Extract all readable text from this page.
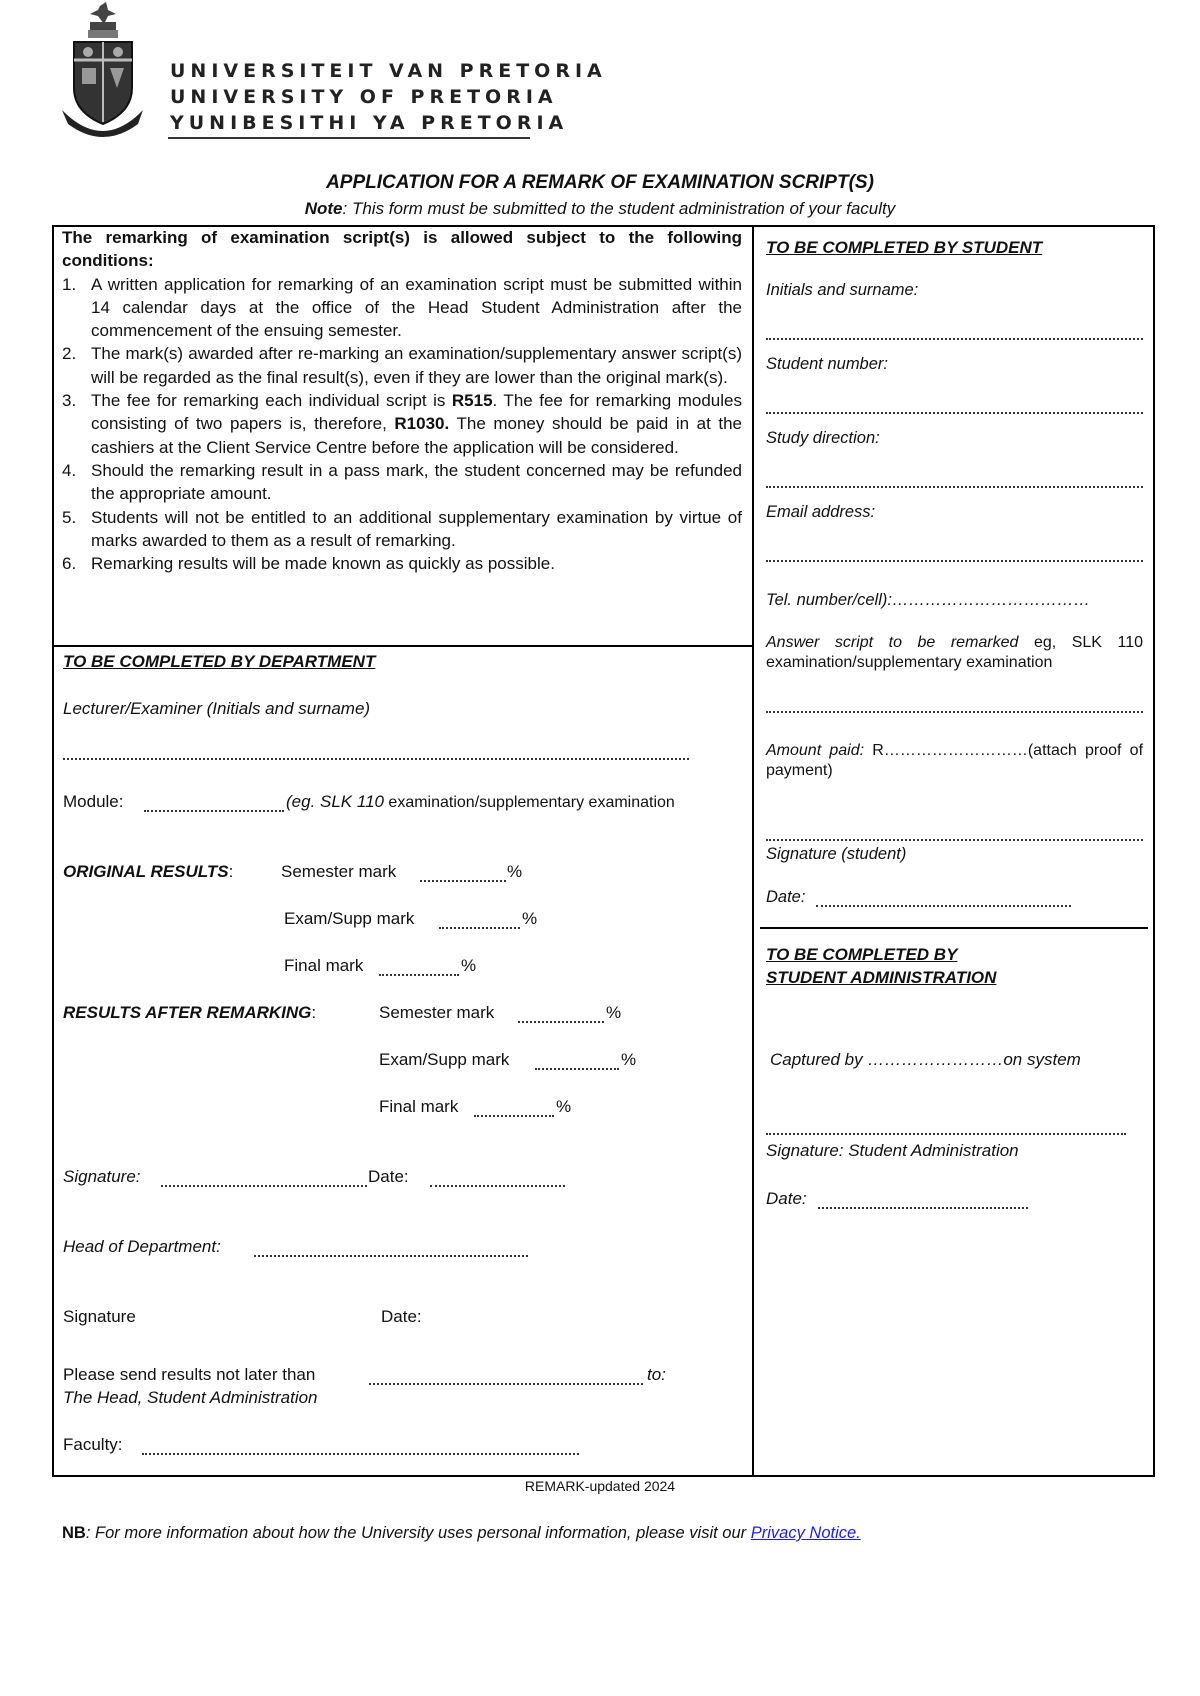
UNIVERSITEIT VAN PRETORIA
UNIVERSITY OF PRETORIA
YUNIBESITHI YA PRETORIA
APPLICATION FOR A REMARK OF EXAMINATION SCRIPT(S)
Note: This form must be submitted to the student administration of your faculty
The remarking of examination script(s) is allowed subject to the following conditions:
1. A written application for remarking of an examination script must be submitted within 14 calendar days at the office of the Head Student Administration after the commencement of the ensuing semester.
2. The mark(s) awarded after re-marking an examination/supplementary answer script(s) will be regarded as the final result(s), even if they are lower than the original mark(s).
3. The fee for remarking each individual script is R515. The fee for remarking modules consisting of two papers is, therefore, R1030. The money should be paid in at the cashiers at the Client Service Centre before the application will be considered.
4. Should the remarking result in a pass mark, the student concerned may be refunded the appropriate amount.
5. Students will not be entitled to an additional supplementary examination by virtue of marks awarded to them as a result of remarking.
6. Remarking results will be made known as quickly as possible.
TO BE COMPLETED BY DEPARTMENT
Lecturer/Examiner (Initials and surname)
Module:	(eg. SLK 110 examination/supplementary examination
ORIGINAL RESULTS:	Semester mark	%
Exam/Supp mark	%
Final mark	%
RESULTS AFTER REMARKING:	Semester mark	%
Exam/Supp mark	%
Final mark	%
Signature:	Date:
Head of Department:
Signature	Date:
Please send results not later than	to:
The Head, Student Administration
Faculty:
TO BE COMPLETED BY STUDENT
Initials and surname:
Student number:
Study direction:
Email address:
Tel. number/cell):………………………………
Answer script to be remarked eg, SLK 110 examination/supplementary examination
Amount paid: R………………………(attach proof of payment)
Signature (student)
Date:
TO BE COMPLETED BY
STUDENT ADMINISTRATION
Captured by ……………………on system
Signature: Student Administration
Date:
REMARK-updated 2024
NB: For more information about how the University uses personal information, please visit our Privacy Notice.
